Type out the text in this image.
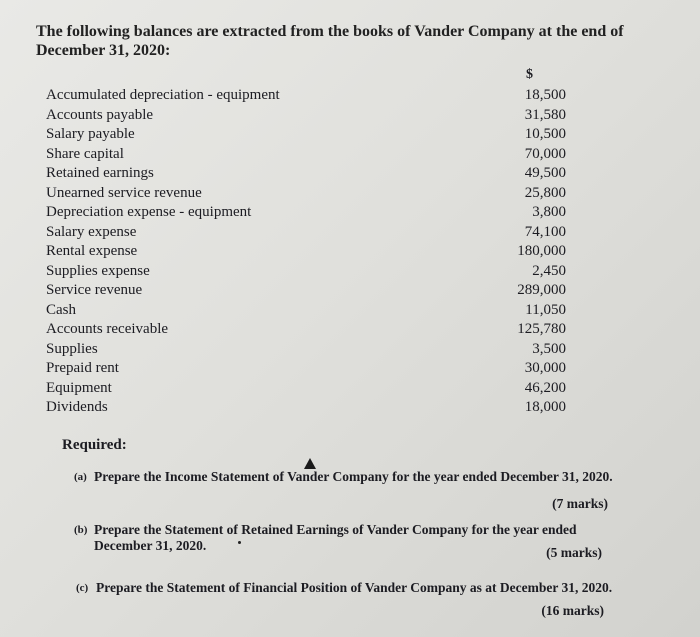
The following balances are extracted from the books of Vander Company at the end of December 31, 2020:
$
Accumulated depreciation - equipment	18,500
Accounts payable	31,580
Salary payable	10,500
Share capital	70,000
Retained earnings	49,500
Unearned service revenue	25,800
Depreciation expense - equipment	3,800
Salary expense	74,100
Rental expense	180,000
Supplies expense	2,450
Service revenue	289,000
Cash	11,050
Accounts receivable	125,780
Supplies	3,500
Prepaid rent	30,000
Equipment	46,200
Dividends	18,000
Required:
(a) Prepare the Income Statement of Vander Company for the year ended December 31, 2020.
(7 marks)
(b) Prepare the Statement of Retained Earnings of Vander Company for the year ended December 31, 2020.	(5 marks)
(c) Prepare the Statement of Financial Position of Vander Company as at December 31, 2020.
(16 marks)
